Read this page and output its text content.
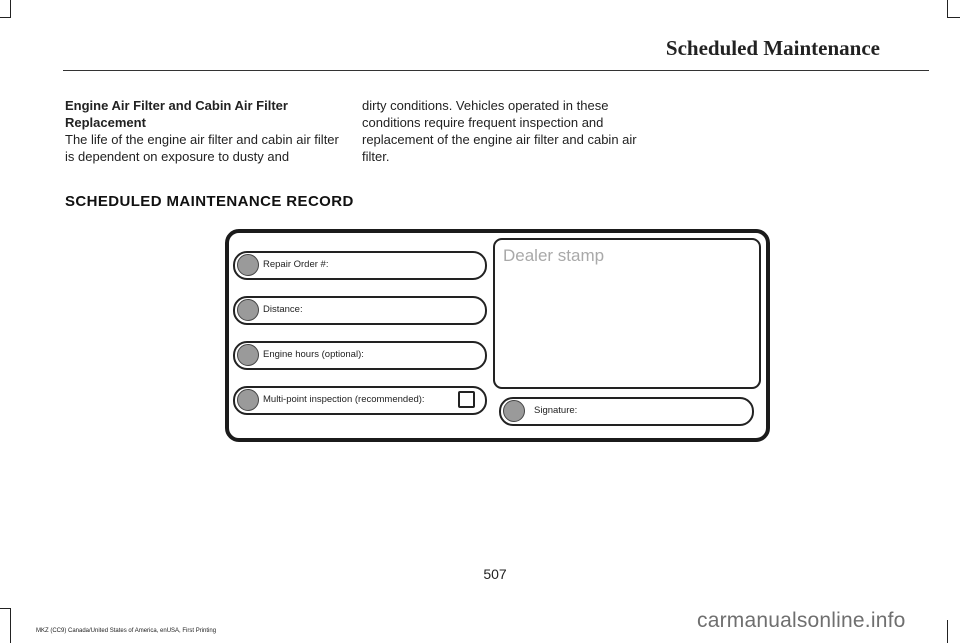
Scheduled Maintenance

Engine Air Filter and Cabin Air Filter Replacement

The life of the engine air filter and cabin air filter is dependent on exposure to dusty and

dirty conditions. Vehicles operated in these conditions require frequent inspection and replacement of the engine air filter and cabin air filter.

SCHEDULED MAINTENANCE RECORD
Repair Order #:
Distance:
Engine hours (optional):
Multi-point inspection (recommended):
Dealer stamp
Signature:
507
MKZ (CC9) Canada/United States of America, enUSA, First Printing	carmanualsonline.info
